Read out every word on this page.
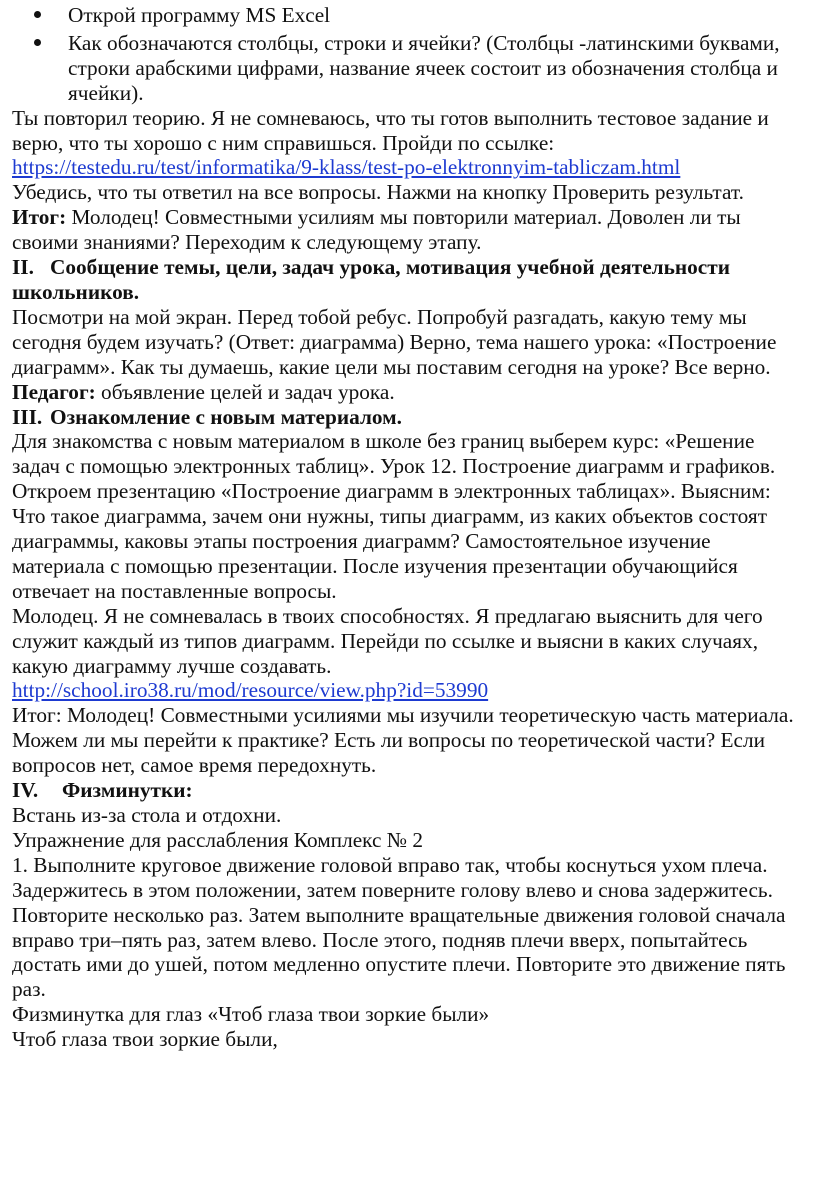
Открой программу MS Excel
Как обозначаются столбцы, строки и ячейки? (Столбцы -латинскими буквами, строки арабскими цифрами, название ячеек состоит из обозначения столбца и ячейки).

Ты повторил теорию. Я не сомневаюсь, что ты готов выполнить тестовое задание и верю, что ты хорошо с ним справишься. Пройди по ссылке:

https://testedu.ru/test/informatika/9-klass/test-po-elektronnyim-tabliczam.html

Убедись, что ты ответил на все вопросы. Нажми на кнопку Проверить результат.

Итог: Молодец! Совместными усилиям мы повторили материал. Доволен ли ты своими знаниями? Переходим к следующему этапу.

II. Сообщение темы, цели, задач урока, мотивация учебной деятельности школьников.

Посмотри на мой экран. Перед тобой ребус. Попробуй разгадать, какую тему мы сегодня будем изучать? (Ответ: диаграмма) Верно, тема нашего урока: «Построение диаграмм». Как ты думаешь, какие цели мы поставим сегодня на уроке? Все верно.

Педагог: объявление целей и задач урока.

III. Ознакомление с новым материалом.

Для знакомства с новым материалом в школе без границ выберем курс: «Решение задач с помощью электронных таблиц». Урок 12. Построение диаграмм и графиков. Откроем презентацию «Построение диаграмм в электронных таблицах». Выясним:

Что такое диаграмма, зачем они нужны, типы диаграмм, из каких объектов состоят диаграммы, каковы этапы построения диаграмм? Самостоятельное изучение материала с помощью презентации. После изучения презентации обучающийся отвечает на поставленные вопросы.

Молодец. Я не сомневалась в твоих способностях. Я предлагаю выяснить для чего служит каждый из типов диаграмм. Перейди по ссылке и выясни в каких случаях, какую диаграмму лучше создавать.

http://school.iro38.ru/mod/resource/view.php?id=53990

Итог: Молодец! Совместными усилиями мы изучили теоретическую часть материала. Можем ли мы перейти к практике? Есть ли вопросы по теоретической части? Если вопросов нет, самое время передохнуть.

IV. Физминутки:

Встань из-за стола и отдохни.

Упражнение для расслабления Комплекс № 2

1. Выполните круговое движение головой вправо так, чтобы коснуться ухом плеча. Задержитесь в этом положении, затем поверните голову влево и снова задержитесь. Повторите несколько раз. Затем выполните вращательные движения головой сначала вправо три–пять раз, затем влево. После этого, подняв плечи вверх, попытайтесь достать ими до ушей, потом медленно опустите плечи. Повторите это движение пять раз.

Физминутка для глаз «Чтоб глаза твои зоркие были»

Чтоб глаза твои зоркие были,
